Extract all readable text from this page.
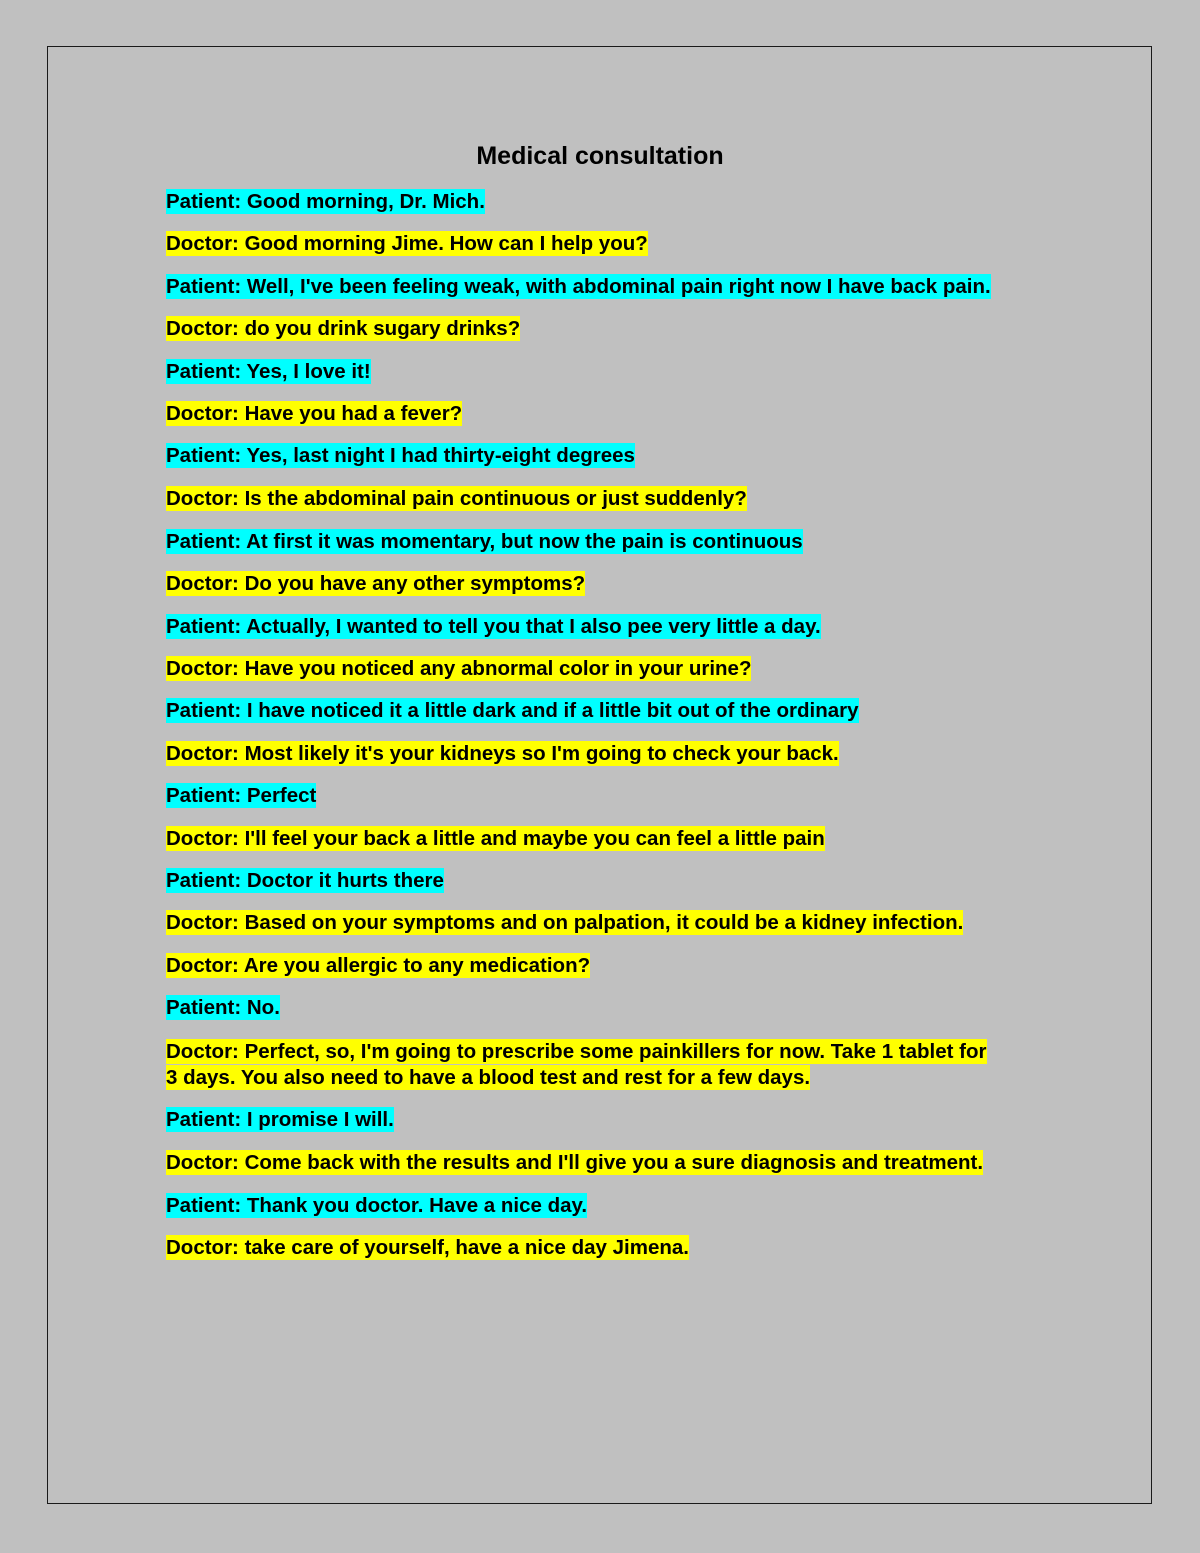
Medical consultation
Patient: Good morning, Dr. Mich.
Doctor: Good morning Jime. How can I help you?
Patient: Well, I've been feeling weak, with abdominal pain right now I have back pain.
Doctor: do you drink sugary drinks?
Patient: Yes, I love it!
Doctor: Have you had a fever?
Patient: Yes, last night I had thirty-eight degrees
Doctor: Is the abdominal pain continuous or just suddenly?
Patient: At first it was momentary, but now the pain is continuous
Doctor: Do you have any other symptoms?
Patient: Actually, I wanted to tell you that I also pee very little a day.
Doctor: Have you noticed any abnormal color in your urine?
Patient: I have noticed it a little dark and if a little bit out of the ordinary
Doctor: Most likely it's your kidneys so I'm going to check your back.
Patient: Perfect
Doctor: I'll feel your back a little and maybe you can feel a little pain
Patient: Doctor it hurts there
Doctor: Based on your symptoms and on palpation, it could be a kidney infection.
Doctor: Are you allergic to any medication?
Patient: No.
Doctor: Perfect, so, I'm going to prescribe some painkillers for now. Take 1 tablet for
3 days. You also need to have a blood test and rest for a few days.
Patient: I promise I will.
Doctor: Come back with the results and I'll give you a sure diagnosis and treatment.
Patient: Thank you doctor. Have a nice day.
Doctor: take care of yourself, have a nice day Jimena.
